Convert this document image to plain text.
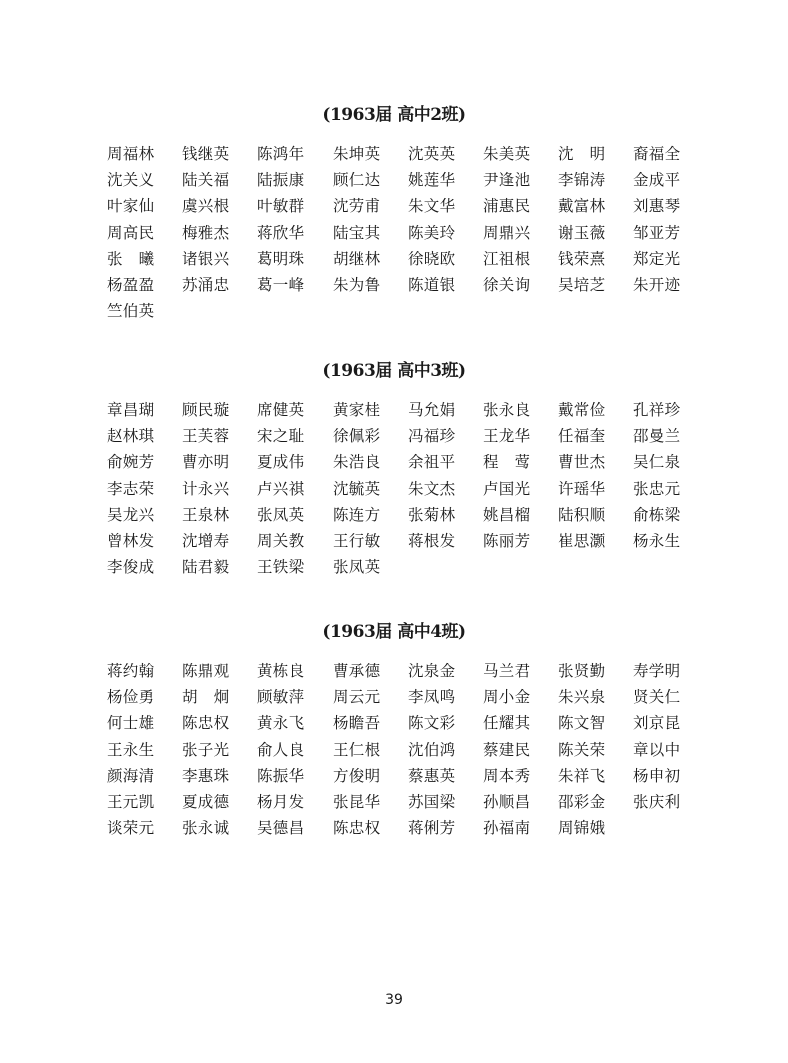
(1963届 高中2班)
周福林 钱继英 陈鸿年 朱坤英 沈英英 朱美英 沈　明 裔福全
沈关义 陆关福 陆振康 顾仁达 姚莲华 尹逢池 李锦涛 金成平
叶家仙 虞兴根 叶敏群 沈劳甫 朱文华 浦惠民 戴富林 刘惠琴
周高民 梅雅杰 蒋欣华 陆宝其 陈美玲 周鼎兴 谢玉薇 邹亚芳
张　曦 诸银兴 葛明珠 胡继林 徐晓欧 江祖根 钱荣熹 郑定光
杨盈盈 苏涌忠 葛一峰 朱为鲁 陈道银 徐关询 吴培芝 朱开迹
竺伯英
(1963届 高中3班)
章昌瑚 顾民璇 席健英 黄家桂 马允娟 张永良 戴常俭 孔祥珍
赵林琪 王芙蓉 宋之耻 徐佩彩 冯福珍 王龙华 任福奎 邵曼兰
俞婉芳 曹亦明 夏成伟 朱浩良 余祖平 程　莺 曹世杰 吴仁泉
李志荣 计永兴 卢兴祺 沈毓英 朱文杰 卢国光 许瑶华 张忠元
吴龙兴 王泉林 张凤英 陈连方 张菊林 姚昌榴 陆积顺 俞栋梁
曾林发 沈增寿 周关教 王行敏 蒋根发 陈丽芳 崔思灏 杨永生
李俊成 陆君毅 王铁梁 张凤英
(1963届 高中4班)
蒋约翰 陈鼎观 黄栋良 曹承德 沈泉金 马兰君 张贤勤 寿学明
杨俭勇 胡　炯 顾敏萍 周云元 李凤鸣 周小金 朱兴泉 贤关仁
何士雄 陈忠权 黄永飞 杨瞻吾 陈文彩 任耀其 陈文智 刘京昆
王永生 张子光 俞人良 王仁根 沈伯鸿 蔡建民 陈关荣 章以中
颜海清 李惠珠 陈振华 方俊明 蔡惠英 周本秀 朱祥飞 杨申初
王元凯 夏成德 杨月发 张昆华 苏国梁 孙顺昌 邵彩金 张庆利
谈荣元 张永诚 吴德昌 陈忠权 蒋俐芳 孙福南 周锦娥
39
